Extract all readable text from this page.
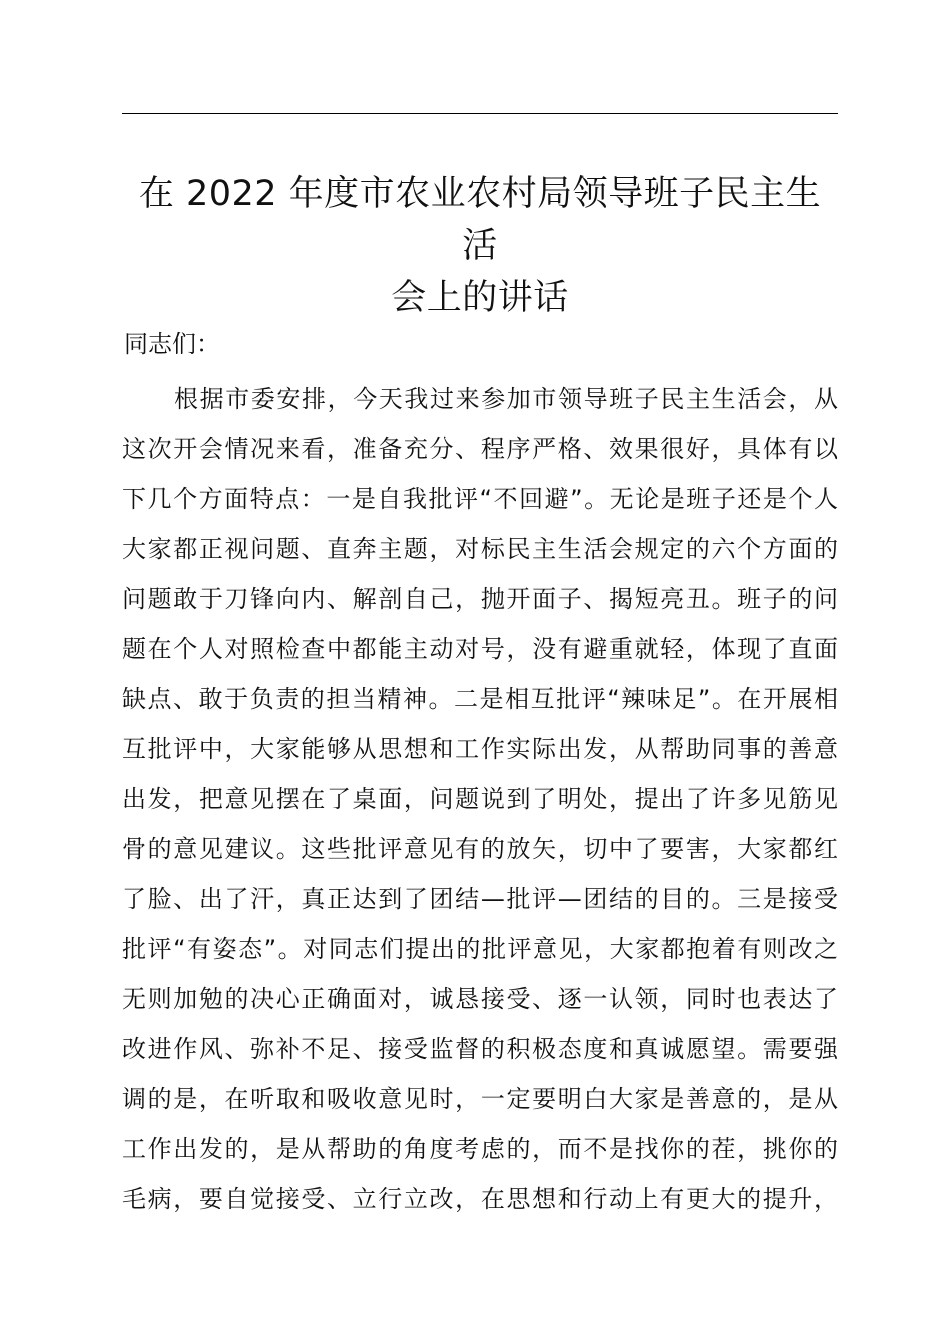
在 2022 年度市农业农村局领导班子民主生活
会上的讲话
同志们：
根据市委安排，今天我过来参加市领导班子民主生活会，从
这次开会情况来看，准备充分、程序严格、效果很好，具体有以
下几个方面特点：一是自我批评“不回避”。无论是班子还是个人
大家都正视问题、直奔主题，对标民主生活会规定的六个方面的
问题敢于刀锋向内、解剖自己，抛开面子、揭短亮丑。班子的问
题在个人对照检查中都能主动对号，没有避重就轻，体现了直面
缺点、敢于负责的担当精神。二是相互批评“辣味足”。在开展相
互批评中，大家能够从思想和工作实际出发，从帮助同事的善意
出发，把意见摆在了桌面，问题说到了明处，提出了许多见筋见
骨的意见建议。这些批评意见有的放矢，切中了要害，大家都红
了脸、出了汗，真正达到了团结—批评—团结的目的。三是接受
批评“有姿态”。对同志们提出的批评意见，大家都抱着有则改之
无则加勉的决心正确面对，诚恳接受、逐一认领，同时也表达了
改进作风、弥补不足、接受监督的积极态度和真诚愿望。需要强
调的是，在听取和吸收意见时，一定要明白大家是善意的，是从
工作出发的，是从帮助的角度考虑的，而不是找你的茬，挑你的
毛病，要自觉接受、立行立改，在思想和行动上有更大的提升，
